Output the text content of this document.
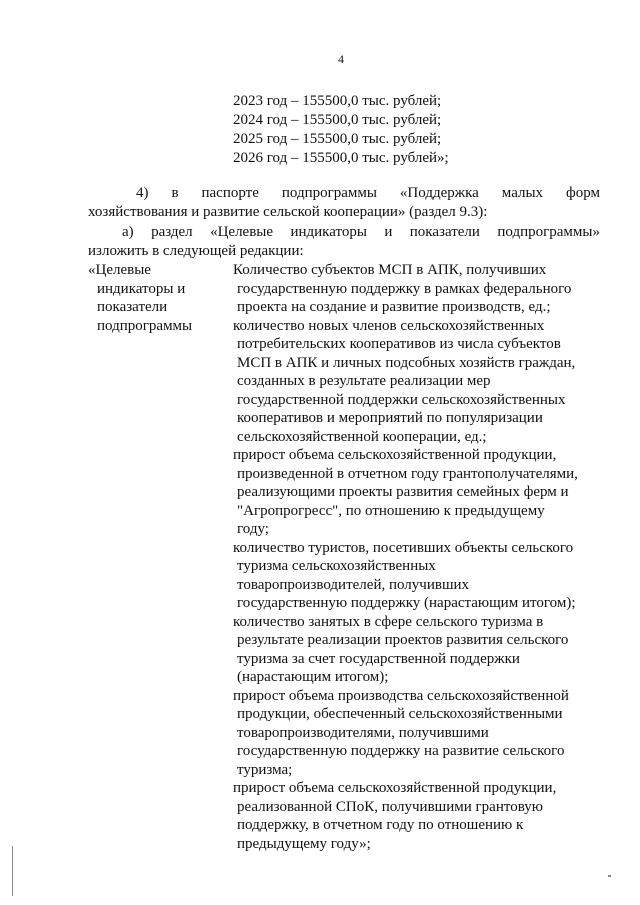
4
2023 год – 155500,0 тыс. рублей;
2024 год – 155500,0 тыс. рублей;
2025 год – 155500,0 тыс. рублей;
2026 год – 155500,0 тыс. рублей»;
4) в паспорте подпрограммы «Поддержка малых форм
хозяйствования и развитие сельской кооперации» (раздел 9.3):
а) раздел «Целевые индикаторы и показатели подпрограммы»
изложить в следующей редакции:
«Целевые
индикаторы и
показатели
подпрограммы
Количество субъектов МСП в АПК, получивших
государственную поддержку в рамках федерального
проекта на создание и развитие производств, ед.;
количество новых членов сельскохозяйственных
потребительских кооперативов из числа субъектов
МСП в АПК и личных подсобных хозяйств граждан,
созданных в результате реализации мер
государственной поддержки сельскохозяйственных
кооперативов и мероприятий по популяризации
сельскохозяйственной кооперации, ед.;
прирост объема сельскохозяйственной продукции,
произведенной в отчетном году грантополучателями,
реализующими проекты развития семейных ферм и
"Агропрогресс", по отношению к предыдущему
году;
количество туристов, посетивших объекты сельского
туризма сельскохозяйственных
товаропроизводителей, получивших
государственную поддержку (нарастающим итогом);
количество занятых в сфере сельского туризма в
результате реализации проектов развития сельского
туризма за счет государственной поддержки
(нарастающим итогом);
прирост объема производства сельскохозяйственной
продукции, обеспеченный сельскохозяйственными
товаропроизводителями, получившими
государственную поддержку на развитие сельского
туризма;
прирост объема сельскохозяйственной продукции,
реализованной СПоК, получившими грантовую
поддержку, в отчетном году по отношению к
предыдущему году»;
